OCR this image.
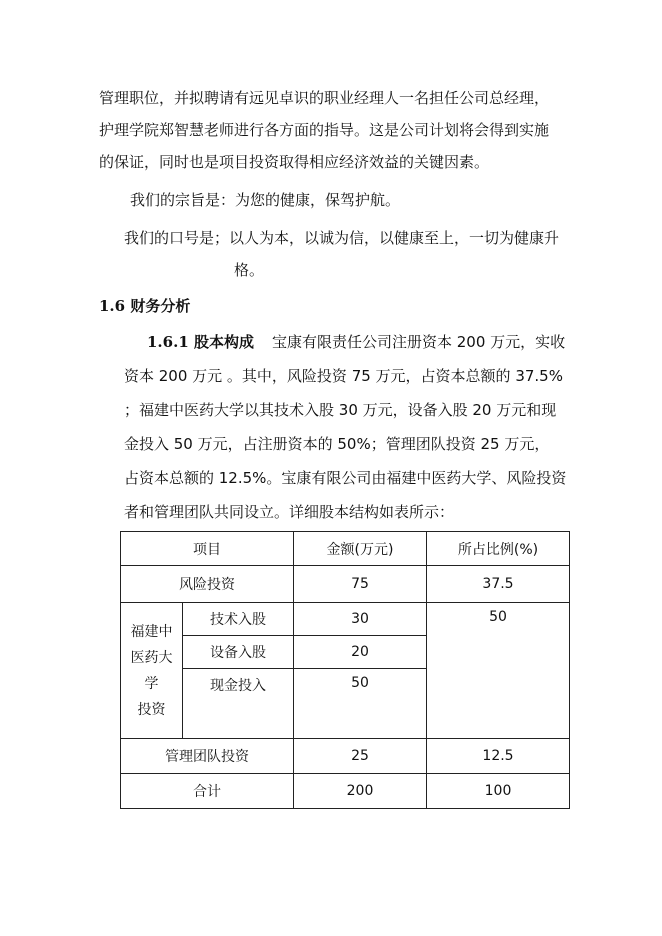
管理职位，并拟聘请有远见卓识的职业经理人一名担任公司总经理，
护理学院郑智慧老师进行各方面的指导。这是公司计划将会得到实施
的保证，同时也是项目投资取得相应经济效益的关键因素。
我们的宗旨是：为您的健康，保驾护航。
我们的口号是；以人为本，以诚为信，以健康至上，一切为健康升
格。
1.6 财务分析
1.6.1 股本构成 宝康有限责任公司注册资本 200 万元，实收
资本 200 万元 。其中，风险投资 75 万元，占资本总额的 37.5%
；福建中医药大学以其技术入股 30 万元，设备入股 20 万元和现
金投入 50 万元，占注册资本的 50%；管理团队投资 25 万元，
占资本总额的 12.5%。宝康有限公司由福建中医药大学、风险投资
者和管理团队共同设立。详细股本结构如表所示：
项目		金额(万元)	所占比例(%)
风险投资		75	37.5

福建中
医药大
学
投资	技术入股	30	50
	设备入股	20	
	现金投入	50	
管理团队投资		25	12.5
合计		200	100
